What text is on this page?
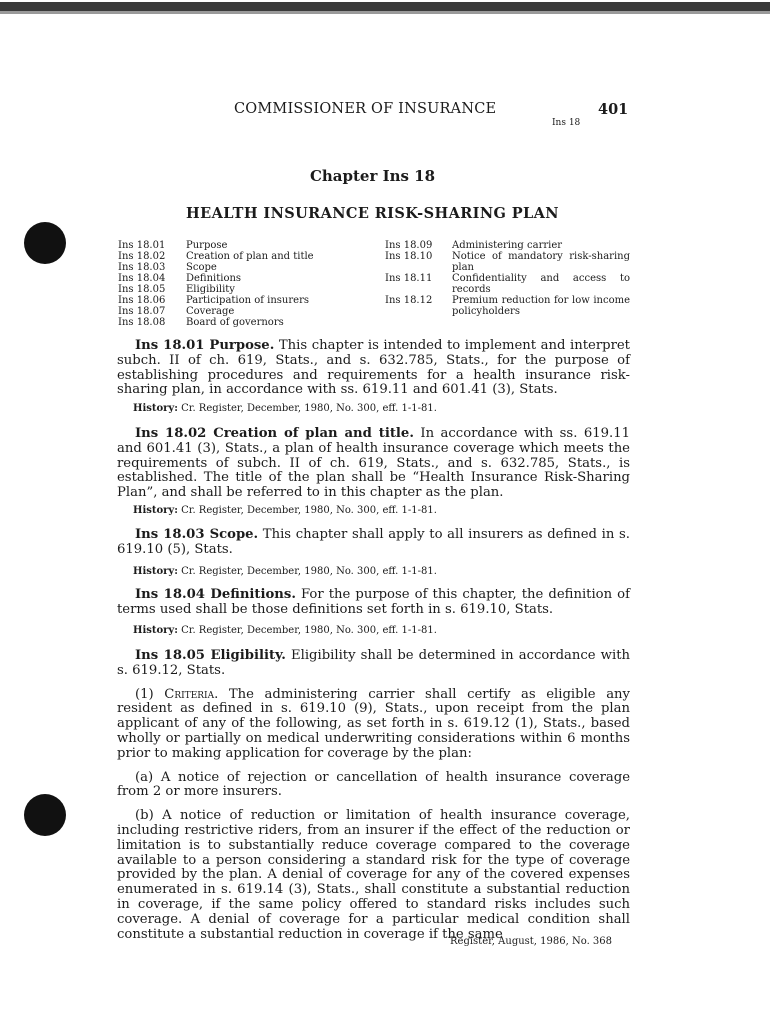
COMMISSIONER OF INSURANCE	401
Ins 18
Chapter Ins 18
HEALTH INSURANCE RISK-SHARING PLAN
Ins 18.01	Purpose
Ins 18.02	Creation of plan and title
Ins 18.03	Scope
Ins 18.04	Definitions
Ins 18.05	Eligibility
Ins 18.06	Participation of insurers
Ins 18.07	Coverage
Ins 18.08	Board of governors
Ins 18.09	Administering carrier
Ins 18.10	Notice of mandatory risk-sharing plan
Ins 18.11	Confidentiality and access to records
Ins 18.12	Premium reduction for low income policyholders

Ins 18.01 Purpose. This chapter is intended to implement and interpret subch. II of ch. 619, Stats., and s. 632.785, Stats., for the purpose of establishing procedures and requirements for a health insurance risk-sharing plan, in accordance with ss. 619.11 and 601.41 (3), Stats.

History: Cr. Register, December, 1980, No. 300, eff. 1-1-81.

Ins 18.02 Creation of plan and title. In accordance with ss. 619.11 and 601.41 (3), Stats., a plan of health insurance coverage which meets the requirements of subch. II of ch. 619, Stats., and s. 632.785, Stats., is established. The title of the plan shall be “Health Insurance Risk-Sharing Plan”, and shall be referred to in this chapter as the plan.

History: Cr. Register, December, 1980, No. 300, eff. 1-1-81.

Ins 18.03 Scope. This chapter shall apply to all insurers as defined in s. 619.10 (5), Stats.

History: Cr. Register, December, 1980, No. 300, eff. 1-1-81.

Ins 18.04 Definitions. For the purpose of this chapter, the definition of terms used shall be those definitions set forth in s. 619.10, Stats.

History: Cr. Register, December, 1980, No. 300, eff. 1-1-81.

Ins 18.05 Eligibility. Eligibility shall be determined in accordance with s. 619.12, Stats.

(1) Criteria. The administering carrier shall certify as eligible any resident as defined in s. 619.10 (9), Stats., upon receipt from the plan applicant of any of the following, as set forth in s. 619.12 (1), Stats., based wholly or partially on medical underwriting considerations within 6 months prior to making application for coverage by the plan:

(a) A notice of rejection or cancellation of health insurance coverage from 2 or more insurers.

(b) A notice of reduction or limitation of health insurance coverage, including restrictive riders, from an insurer if the effect of the reduction or limitation is to substantially reduce coverage compared to the coverage available to a person considering a standard risk for the type of coverage provided by the plan. A denial of coverage for any of the covered expenses enumerated in s. 619.14 (3), Stats., shall constitute a substantial reduction in coverage, if the same policy offered to standard risks includes such coverage. A denial of coverage for a particular medical condition shall constitute a substantial reduction in coverage if the same

Register, August, 1986, No. 368
